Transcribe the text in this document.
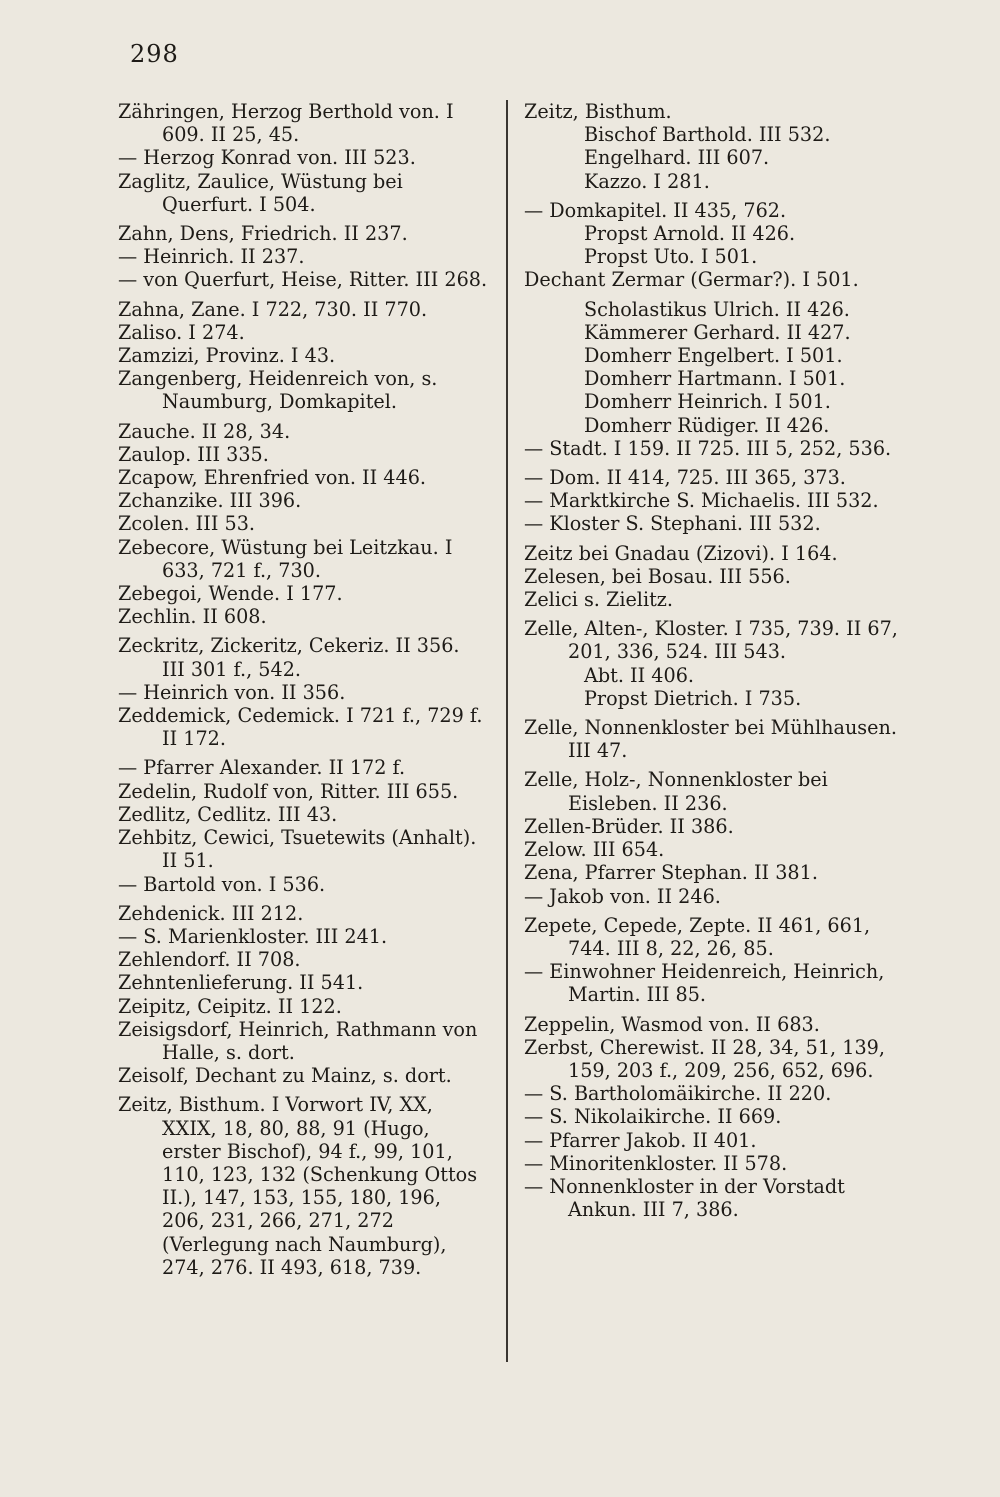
298

Zähringen, Herzog Berthold von. I 609. II 25, 45.

— Herzog Konrad von. III 523.

Zaglitz, Zaulice, Wüstung bei Querfurt. I 504.

Zahn, Dens, Friedrich. II 237.

— Heinrich. II 237.

— von Querfurt, Heise, Ritter. III 268.

Zahna, Zane. I 722, 730. II 770.

Zaliso. I 274.

Zamzizi, Provinz. I 43.

Zangenberg, Heidenreich von, s. Naumburg, Domkapitel.

Zauche. II 28, 34.

Zaulop. III 335.

Zcapow, Ehrenfried von. II 446.

Zchanzike. III 396.

Zcolen. III 53.

Zebecore, Wüstung bei Leitzkau. I 633, 721 f., 730.

Zebegoi, Wende. I 177.

Zechlin. II 608.

Zeckritz, Zickeritz, Cekeriz. II 356. III 301 f., 542.

— Heinrich von. II 356.

Zeddemick, Cedemick. I 721 f., 729 f. II 172.

— Pfarrer Alexander. II 172 f.

Zedelin, Rudolf von, Ritter. III 655.

Zedlitz, Cedlitz. III 43.

Zehbitz, Cewici, Tsuetewits (Anhalt). II 51.

— Bartold von. I 536.

Zehdenick. III 212.

— S. Marienkloster. III 241.

Zehlendorf. II 708.

Zehntenlieferung. II 541.

Zeipitz, Ceipitz. II 122.

Zeisigsdorf, Heinrich, Rathmann von Halle, s. dort.

Zeisolf, Dechant zu Mainz, s. dort.

Zeitz, Bisthum. I Vorwort IV, XX, XXIX, 18, 80, 88, 91 (Hugo, erster Bischof), 94 f., 99, 101, 110, 123, 132 (Schenkung Ottos II.), 147, 153, 155, 180, 196, 206, 231, 266, 271, 272 (Verlegung nach Naumburg), 274, 276. II 493, 618, 739.

Zeitz, Bisthum.

Bischof Barthold. III 532.

Engelhard. III 607.

Kazzo. I 281.

— Domkapitel. II 435, 762.

Propst Arnold. II 426.

Propst Uto. I 501.

Dechant Zermar (Germar?). I 501.

Scholastikus Ulrich. II 426.

Kämmerer Gerhard. II 427.

Domherr Engelbert. I 501.

Domherr Hartmann. I 501.

Domherr Heinrich. I 501.

Domherr Rüdiger. II 426.

— Stadt. I 159. II 725. III 5, 252, 536.

— Dom. II 414, 725. III 365, 373.

— Marktkirche S. Michaelis. III 532.

— Kloster S. Stephani. III 532.

Zeitz bei Gnadau (Zizovi). I 164.

Zelesen, bei Bosau. III 556.

Zelici s. Zielitz.

Zelle, Alten-, Kloster. I 735, 739. II 67, 201, 336, 524. III 543.

Abt. II 406.

Propst Dietrich. I 735.

Zelle, Nonnenkloster bei Mühlhausen. III 47.

Zelle, Holz-, Nonnenkloster bei Eisleben. II 236.

Zellen-Brüder. II 386.

Zelow. III 654.

Zena, Pfarrer Stephan. II 381.

— Jakob von. II 246.

Zepete, Cepede, Zepte. II 461, 661, 744. III 8, 22, 26, 85.

— Einwohner Heidenreich, Heinrich, Martin. III 85.

Zeppelin, Wasmod von. II 683.

Zerbst, Cherewist. II 28, 34, 51, 139, 159, 203 f., 209, 256, 652, 696.

— S. Bartholomäikirche. II 220.

— S. Nikolaikirche. II 669.

— Pfarrer Jakob. II 401.

— Minoritenkloster. II 578.

— Nonnenkloster in der Vorstadt Ankun. III 7, 386.
